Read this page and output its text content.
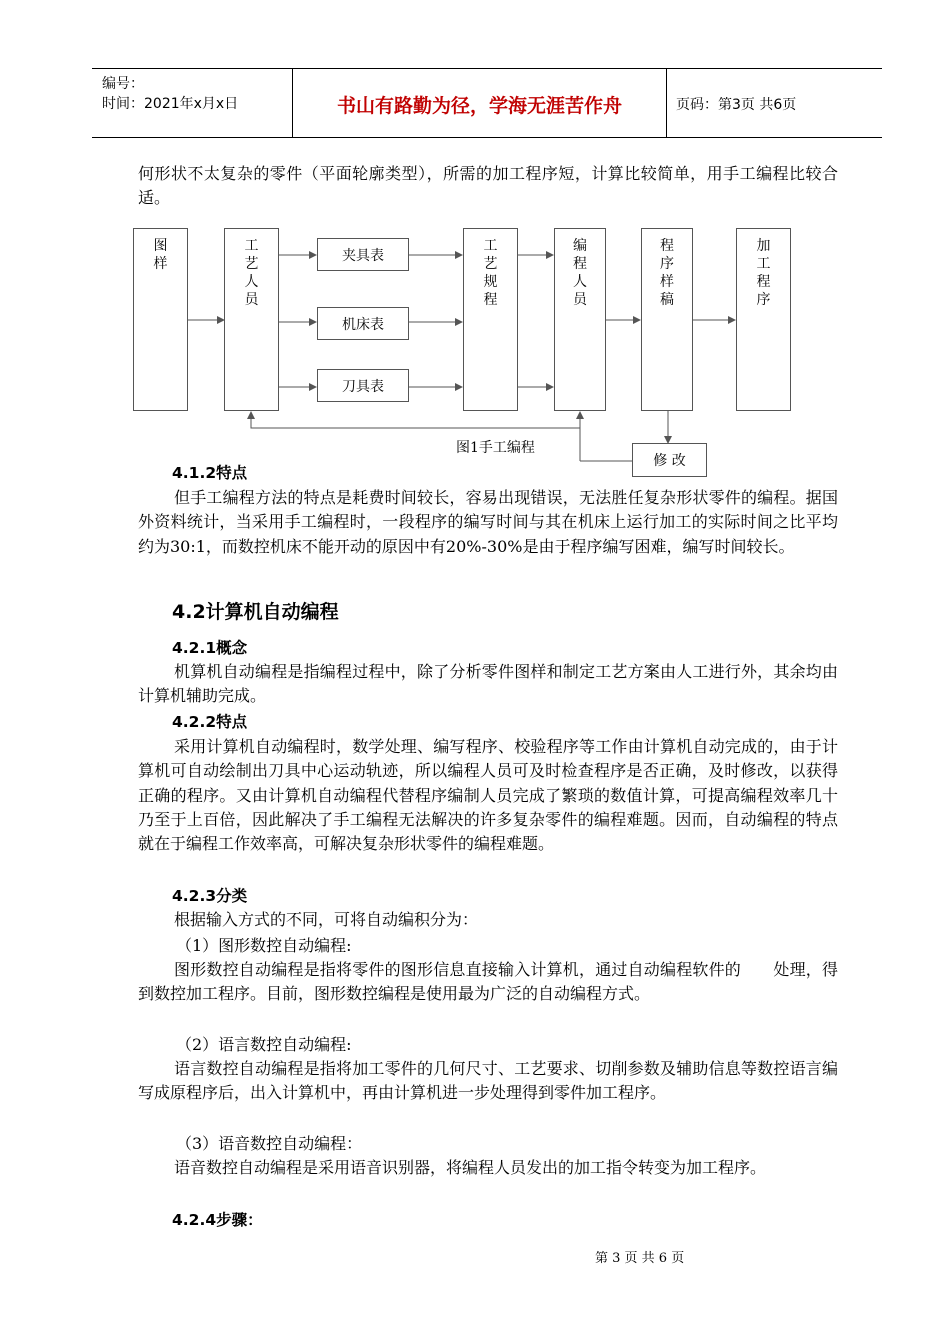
编号：
时间：2021年x月x日	书山有路勤为径，学海无涯苦作舟	页码：第3页 共6页

何形状不太复杂的零件（平面轮廓类型），所需的加工程序短，计算比较简单，用手工编程比较合适。

图
样
工
艺
人
员
夹具表
机床表
刀具表
工
艺
规
程
编
程
人
员
程
序
样
稿
加
工
程
序
修 改
图1手工编程
4.1.2特点

但手工编程方法的特点是耗费时间较长，容易出现错误，无法胜任复杂形状零件的编程。据国外资料统计，当采用手工编程时，一段程序的编写时间与其在机床上运行加工的实际时间之比平均约为30:1，而数控机床不能开动的原因中有20%-30%是由于程序编写困难，编写时间较长。

4.2计算机自动编程
4.2.1概念

机算机自动编程是指编程过程中，除了分析零件图样和制定工艺方案由人工进行外，其余均由计算机辅助完成。

4.2.2特点

采用计算机自动编程时，数学处理、编写程序、校验程序等工作由计算机自动完成的，由于计算机可自动绘制出刀具中心运动轨迹，所以编程人员可及时检查程序是否正确，及时修改，以获得正确的程序。又由计算机自动编程代替程序编制人员完成了繁琐的数值计算，可提高编程效率几十乃至于上百倍，因此解决了手工编程无法解决的许多复杂零件的编程难题。因而，自动编程的特点就在于编程工作效率高，可解决复杂形状零件的编程难题。

4.2.3分类

根据输入方式的不同，可将自动编积分为：

（1）图形数控自动编程:

图形数控自动编程是指将零件的图形信息直接输入计算机，通过自动编程软件的　　处理，得到数控加工程序。目前，图形数控编程是使用最为广泛的自动编程方式。

（2）语言数控自动编程:

语言数控自动编程是指将加工零件的几何尺寸、工艺要求、切削参数及辅助信息等数控语言编写成原程序后，出入计算机中，再由计算机进一步处理得到零件加工程序。

（3）语音数控自动编程：

语音数控自动编程是采用语音识别器，将编程人员发出的加工指令转变为加工程序。

4.2.4步骤：
第 3 页 共 6 页
